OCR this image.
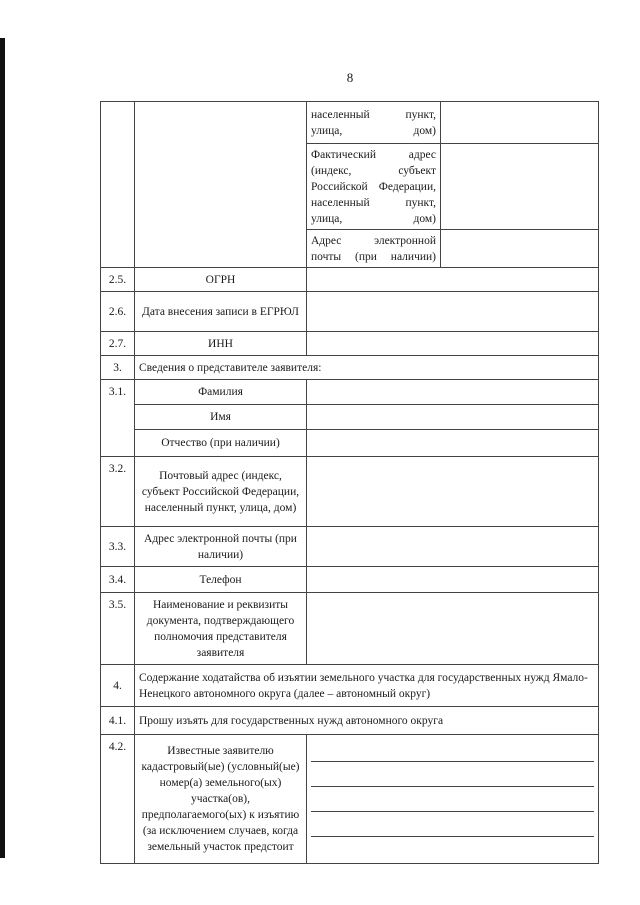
8
		населенный пункт, улица, дом)	
		Фактический адрес (индекс, субъект Российской Федерации, населенный пункт, улица, дом)	
		Адрес электронной почты (при наличии)	
2.5.	ОГРН		
2.6.	Дата внесения записи в ЕГРЮЛ		
2.7.	ИНН		
3.	Сведения о представителе заявителя:		
3.1.	Фамилия		
	Имя		
	Отчество (при наличии)		
3.2.	Почтовый адрес (индекс, субъект Российской Федерации, населенный пункт, улица, дом)		
3.3.	Адрес электронной почты (при наличии)		
3.4.	Телефон		
3.5.	Наименование и реквизиты документа, подтверждающего полномочия представителя заявителя		
4.	Содержание ходатайства об изъятии земельного участка для государственных нужд Ямало-Ненецкого автономного округа (далее – автономный округ)		
4.1.	Прошу изъять для государственных нужд автономного округа		
4.2.	Известные заявителю кадастровый(ые) (условный(ые) номер(а) земельного(ых) участка(ов), предполагаемого(ых) к изъятию (за исключением случаев, когда земельный участок предстоит		
